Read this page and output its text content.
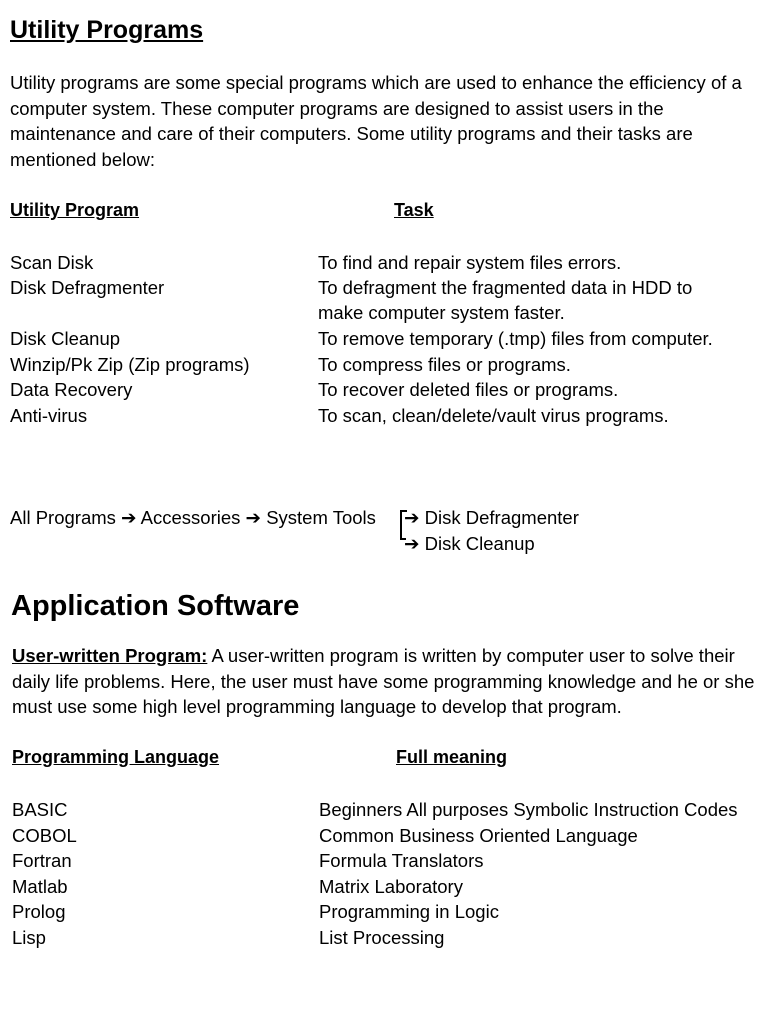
Utility Programs
Utility programs are some special programs which are used to enhance the efficiency of a computer system. These computer programs are designed to assist users in the maintenance and care of their computers. Some utility programs and their tasks are mentioned below:
Utility Program	Task
Scan Disk	To find and repair system files errors.
Disk Defragmenter	To defragment the fragmented data in HDD to
make computer system faster.
Disk Cleanup	To remove temporary (.tmp) files from computer.
Winzip/Pk Zip (Zip programs)	To compress files or programs.
Data Recovery	To recover deleted files or programs.
Anti-virus	To scan, clean/delete/vault virus programs.
All Programs ➔ Accessories ➔ System Tools ➔ Disk Defragmenter
➔ Disk Cleanup
Application Software
User-written Program: A user-written program is written by computer user to solve their daily life problems. Here, the user must have some programming knowledge and he or she must use some high level programming language to develop that program.
Programming Language	Full meaning
BASIC	Beginners All purposes Symbolic Instruction Codes
COBOL	Common Business Oriented Language
Fortran	Formula Translators
Matlab	Matrix Laboratory
Prolog	Programming in Logic
Lisp	List Processing
